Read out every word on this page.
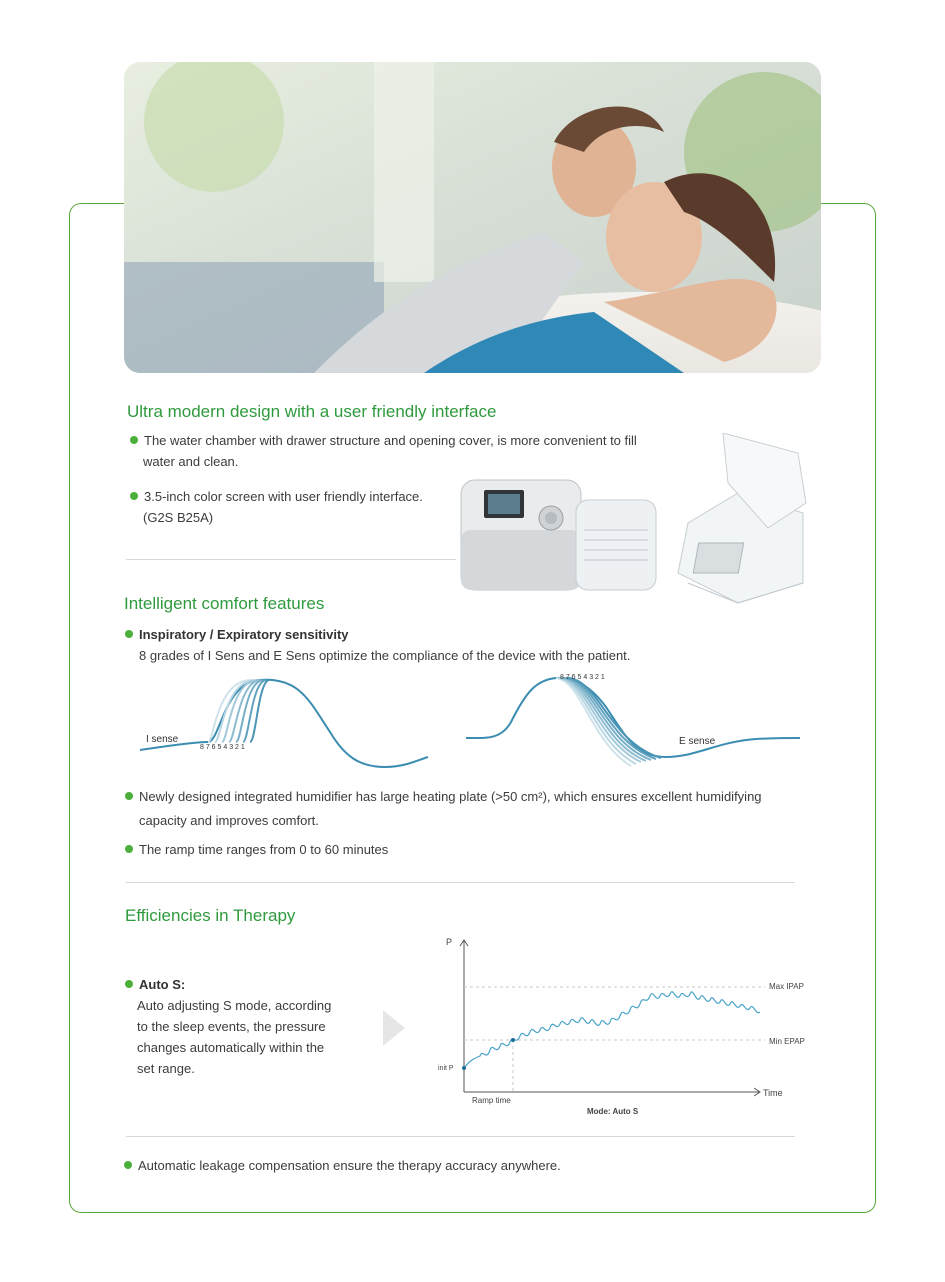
Ultra modern design with a user friendly interface
The water chamber with drawer structure and opening cover, is more convenient to fill
water and clean.
3.5-inch color screen with user friendly interface.
(G2S B25A)
Intelligent comfort features
Inspiratory / Expiratory sensitivity
8 grades of I Sens and E Sens optimize the compliance of the device with the patient.
I sense
8 7 6 5 4 3 2 1
8 7 6 5 4 3 2 1
E sense
Newly designed integrated humidifier has large heating plate (>50 cm²), which ensures excellent humidifying
capacity and improves comfort.
The ramp time ranges from 0 to 60 minutes
Efficiencies in Therapy
Auto S:
Auto adjusting S mode, according
to the sleep events, the pressure
changes automatically within the
set range.
P
Max IPAP
Min EPAP
init P
Ramp time
Time
Mode: Auto S
Automatic leakage compensation ensure the therapy accuracy anywhere.
